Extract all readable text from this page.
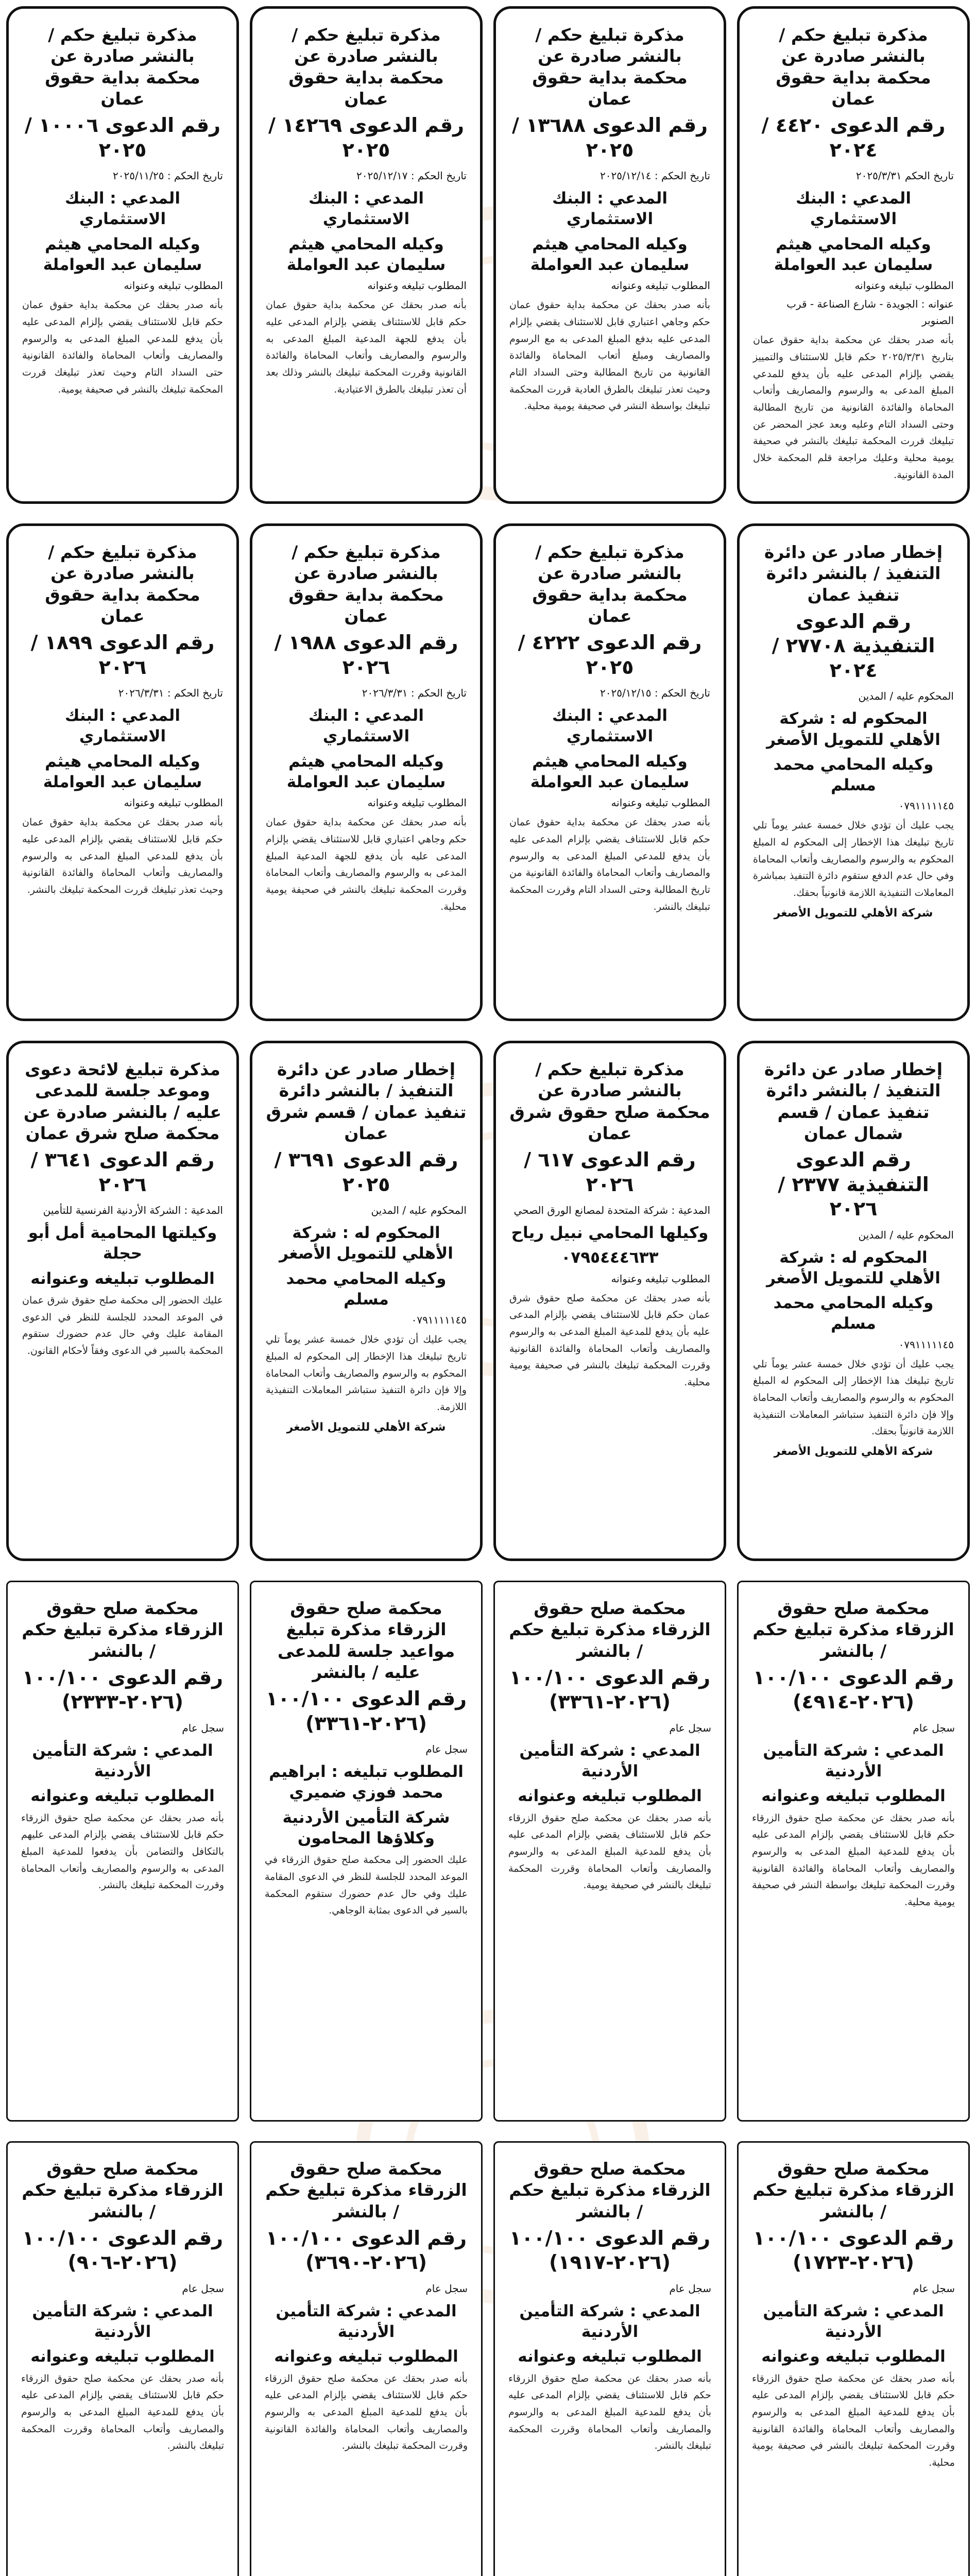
مذكرة تبليغ حكم / بالنشر صادرة عن محكمة بداية حقوق عمان
رقم الدعوى ٤٤٢٠ / ٢٠٢٤
تاريخ الحكم ٢٠٢٥/٣/٣١
المدعي : البنك الاستثماري
وكيله المحامي هيثم سليمان عبد العواملة
المطلوب تبليغه وعنوانه
عنوانه : الجويدة - شارع الصناعة - قرب الصنوبر
بأنه صدر بحقك عن محكمة بداية حقوق عمان بتاريخ ٢٠٢٥/٣/٣١ حكم قابل للاستئناف والتمييز يقضي بإلزام المدعى عليه بأن يدفع للمدعي المبلغ المدعى به والرسوم والمصاريف وأتعاب المحاماة والفائدة القانونية من تاريخ المطالبة وحتى السداد التام وعليه وبعد عجز المحضر عن تبليغك قررت المحكمة تبليغك بالنشر في صحيفة يومية محلية وعليك مراجعة قلم المحكمة خلال المدة القانونية.
مذكرة تبليغ حكم / بالنشر صادرة عن محكمة بداية حقوق عمان
رقم الدعوى ١٣٦٨٨ / ٢٠٢٥
تاريخ الحكم : ٢٠٢٥/١٢/١٤
المدعي : البنك الاستثماري
وكيله المحامي هيثم سليمان عبد العواملة
المطلوب تبليغه وعنوانه
بأنه صدر بحقك عن محكمة بداية حقوق عمان حكم وجاهي اعتباري قابل للاستئناف يقضي بإلزام المدعى عليه بدفع المبلغ المدعى به مع الرسوم والمصاريف ومبلغ أتعاب المحاماة والفائدة القانونية من تاريخ المطالبة وحتى السداد التام وحيث تعذر تبليغك بالطرق العادية قررت المحكمة تبليغك بواسطة النشر في صحيفة يومية محلية.
مذكرة تبليغ حكم / بالنشر صادرة عن محكمة بداية حقوق عمان
رقم الدعوى ١٤٢٦٩ / ٢٠٢٥
تاريخ الحكم : ٢٠٢٥/١٢/١٧
المدعي : البنك الاستثماري
وكيله المحامي هيثم سليمان عبد العواملة
المطلوب تبليغه وعنوانه
بأنه صدر بحقك عن محكمة بداية حقوق عمان حكم قابل للاستئناف يقضي بإلزام المدعى عليه بأن يدفع للجهة المدعية المبلغ المدعى به والرسوم والمصاريف وأتعاب المحاماة والفائدة القانونية وقررت المحكمة تبليغك بالنشر وذلك بعد أن تعذر تبليغك بالطرق الاعتيادية.
مذكرة تبليغ حكم / بالنشر صادرة عن محكمة بداية حقوق عمان
رقم الدعوى ١٠٠٠٦ / ٢٠٢٥
تاريخ الحكم : ٢٠٢٥/١١/٢٥
المدعي : البنك الاستثماري
وكيله المحامي هيثم سليمان عبد العواملة
المطلوب تبليغه وعنوانه
بأنه صدر بحقك عن محكمة بداية حقوق عمان حكم قابل للاستئناف يقضي بإلزام المدعى عليه بأن يدفع للمدعي المبلغ المدعى به والرسوم والمصاريف وأتعاب المحاماة والفائدة القانونية حتى السداد التام وحيث تعذر تبليغك قررت المحكمة تبليغك بالنشر في صحيفة يومية.
إخطار صادر عن دائرة التنفيذ / بالنشر دائرة تنفيذ عمان
رقم الدعوى التنفيذية ٢٧٧٠٨ / ٢٠٢٤
المحكوم عليه / المدين
المحكوم له : شركة الأهلي للتمويل الأصغر
وكيله المحامي محمد مسلم
٠٧٩١١١١١٤٥
يجب عليك أن تؤدي خلال خمسة عشر يوماً تلي تاريخ تبليغك هذا الإخطار إلى المحكوم له المبلغ المحكوم به والرسوم والمصاريف وأتعاب المحاماة وفي حال عدم الدفع ستقوم دائرة التنفيذ بمباشرة المعاملات التنفيذية اللازمة قانونياً بحقك.
شركة الأهلي للتمويل الأصغر
مذكرة تبليغ حكم / بالنشر صادرة عن محكمة بداية حقوق عمان
رقم الدعوى ٤٢٢٢ / ٢٠٢٥
تاريخ الحكم : ٢٠٢٥/١٢/١٥
المدعي : البنك الاستثماري
وكيله المحامي هيثم سليمان عبد العواملة
المطلوب تبليغه وعنوانه
بأنه صدر بحقك عن محكمة بداية حقوق عمان حكم قابل للاستئناف يقضي بإلزام المدعى عليه بأن يدفع للمدعي المبلغ المدعى به والرسوم والمصاريف وأتعاب المحاماة والفائدة القانونية من تاريخ المطالبة وحتى السداد التام وقررت المحكمة تبليغك بالنشر.
مذكرة تبليغ حكم / بالنشر صادرة عن محكمة بداية حقوق عمان
رقم الدعوى ١٩٨٨ / ٢٠٢٦
تاريخ الحكم : ٢٠٢٦/٣/٣١
المدعي : البنك الاستثماري
وكيله المحامي هيثم سليمان عبد العواملة
المطلوب تبليغه وعنوانه
بأنه صدر بحقك عن محكمة بداية حقوق عمان حكم وجاهي اعتباري قابل للاستئناف يقضي بإلزام المدعى عليه بأن يدفع للجهة المدعية المبلغ المدعى به والرسوم والمصاريف وأتعاب المحاماة وقررت المحكمة تبليغك بالنشر في صحيفة يومية محلية.
مذكرة تبليغ حكم / بالنشر صادرة عن محكمة بداية حقوق عمان
رقم الدعوى ١٨٩٩ / ٢٠٢٦
تاريخ الحكم : ٢٠٢٦/٣/٣١
المدعي : البنك الاستثماري
وكيله المحامي هيثم سليمان عبد العواملة
المطلوب تبليغه وعنوانه
بأنه صدر بحقك عن محكمة بداية حقوق عمان حكم قابل للاستئناف يقضي بإلزام المدعى عليه بأن يدفع للمدعي المبلغ المدعى به والرسوم والمصاريف وأتعاب المحاماة والفائدة القانونية وحيث تعذر تبليغك قررت المحكمة تبليغك بالنشر.
إخطار صادر عن دائرة التنفيذ / بالنشر دائرة تنفيذ عمان / قسم شمال عمان
رقم الدعوى التنفيذية ٢٣٧٧ / ٢٠٢٦
المحكوم عليه / المدين
المحكوم له : شركة الأهلي للتمويل الأصغر
وكيله المحامي محمد مسلم
٠٧٩١١١١١٤٥
يجب عليك أن تؤدي خلال خمسة عشر يوماً تلي تاريخ تبليغك هذا الإخطار إلى المحكوم له المبلغ المحكوم به والرسوم والمصاريف وأتعاب المحاماة وإلا فإن دائرة التنفيذ ستباشر المعاملات التنفيذية اللازمة قانونياً بحقك.
شركة الأهلي للتمويل الأصغر
مذكرة تبليغ حكم / بالنشر صادرة عن محكمة صلح حقوق شرق عمان
رقم الدعوى ٦١٧ / ٢٠٢٦
المدعية : شركة المتحدة لمصانع الورق الصحي
وكيلها المحامي نبيل رياح
٠٧٩٥٤٤٤٦٣٣
المطلوب تبليغه وعنوانه
بأنه صدر بحقك عن محكمة صلح حقوق شرق عمان حكم قابل للاستئناف يقضي بإلزام المدعى عليه بأن يدفع للمدعية المبلغ المدعى به والرسوم والمصاريف وأتعاب المحاماة والفائدة القانونية وقررت المحكمة تبليغك بالنشر في صحيفة يومية محلية.
إخطار صادر عن دائرة التنفيذ / بالنشر دائرة تنفيذ عمان / قسم شرق عمان
رقم الدعوى ٣٦٩١ / ٢٠٢٥
المحكوم عليه / المدين
المحكوم له : شركة الأهلي للتمويل الأصغر
وكيله المحامي محمد مسلم
٠٧٩١١١١١٤٥
يجب عليك أن تؤدي خلال خمسة عشر يوماً تلي تاريخ تبليغك هذا الإخطار إلى المحكوم له المبلغ المحكوم به والرسوم والمصاريف وأتعاب المحاماة وإلا فإن دائرة التنفيذ ستباشر المعاملات التنفيذية اللازمة.
شركة الأهلي للتمويل الأصغر
مذكرة تبليغ لائحة دعوى وموعد جلسة للمدعى عليه / بالنشر صادرة عن محكمة صلح شرق عمان
رقم الدعوى ٣٦٤١ / ٢٠٢٦
المدعية : الشركة الأردنية الفرنسية للتأمين
وكيلتها المحامية أمل أبو حجلة
المطلوب تبليغه وعنوانه
عليك الحضور إلى محكمة صلح حقوق شرق عمان في الموعد المحدد للجلسة للنظر في الدعوى المقامة عليك وفي حال عدم حضورك ستقوم المحكمة بالسير في الدعوى وفقاً لأحكام القانون.
محكمة صلح حقوق الزرقاء مذكرة تبليغ حكم / بالنشر
رقم الدعوى ١٠٠/١٠٠ (٢٠٢٦-٤٩١٤)
سجل عام
المدعي : شركة التأمين الأردنية
المطلوب تبليغه وعنوانه
بأنه صدر بحقك عن محكمة صلح حقوق الزرقاء حكم قابل للاستئناف يقضي بإلزام المدعى عليه بأن يدفع للمدعية المبلغ المدعى به والرسوم والمصاريف وأتعاب المحاماة والفائدة القانونية وقررت المحكمة تبليغك بواسطة النشر في صحيفة يومية محلية.
محكمة صلح حقوق الزرقاء مذكرة تبليغ حكم / بالنشر
رقم الدعوى ١٠٠/١٠٠ (٢٠٢٦-٣٣٦١)
سجل عام
المدعي : شركة التأمين الأردنية
المطلوب تبليغه وعنوانه
بأنه صدر بحقك عن محكمة صلح حقوق الزرقاء حكم قابل للاستئناف يقضي بإلزام المدعى عليه بأن يدفع للمدعية المبلغ المدعى به والرسوم والمصاريف وأتعاب المحاماة وقررت المحكمة تبليغك بالنشر في صحيفة يومية.
محكمة صلح حقوق الزرقاء مذكرة تبليغ مواعيد جلسة للمدعى عليه / بالنشر
رقم الدعوى ١٠٠/١٠٠ (٢٠٢٦-٣٣٦١)
سجل عام
المطلوب تبليغه : ابراهيم محمد فوزي ضميري
شركة التأمين الأردنية وكلاؤها المحامون
عليك الحضور إلى محكمة صلح حقوق الزرقاء في الموعد المحدد للجلسة للنظر في الدعوى المقامة عليك وفي حال عدم حضورك ستقوم المحكمة بالسير في الدعوى بمثابة الوجاهي.
محكمة صلح حقوق الزرقاء مذكرة تبليغ حكم / بالنشر
رقم الدعوى ١٠٠/١٠٠ (٢٠٢٦-٢٣٣٣)
سجل عام
المدعي : شركة التأمين الأردنية
المطلوب تبليغه وعنوانه
بأنه صدر بحقك عن محكمة صلح حقوق الزرقاء حكم قابل للاستئناف يقضي بإلزام المدعى عليهم بالتكافل والتضامن بأن يدفعوا للمدعية المبلغ المدعى به والرسوم والمصاريف وأتعاب المحاماة وقررت المحكمة تبليغك بالنشر.
محكمة صلح حقوق الزرقاء مذكرة تبليغ حكم / بالنشر
رقم الدعوى ١٠٠/١٠٠ (٢٠٢٦-١٧٢٣)
سجل عام
المدعي : شركة التأمين الأردنية
المطلوب تبليغه وعنوانه
بأنه صدر بحقك عن محكمة صلح حقوق الزرقاء حكم قابل للاستئناف يقضي بإلزام المدعى عليه بأن يدفع للمدعية المبلغ المدعى به والرسوم والمصاريف وأتعاب المحاماة والفائدة القانونية وقررت المحكمة تبليغك بالنشر في صحيفة يومية محلية.
محكمة صلح حقوق الزرقاء مذكرة تبليغ حكم / بالنشر
رقم الدعوى ١٠٠/١٠٠ (٢٠٢٦-١٩١٧)
سجل عام
المدعي : شركة التأمين الأردنية
المطلوب تبليغه وعنوانه
بأنه صدر بحقك عن محكمة صلح حقوق الزرقاء حكم قابل للاستئناف يقضي بإلزام المدعى عليه بأن يدفع للمدعية المبلغ المدعى به والرسوم والمصاريف وأتعاب المحاماة وقررت المحكمة تبليغك بالنشر.
محكمة صلح حقوق الزرقاء مذكرة تبليغ حكم / بالنشر
رقم الدعوى ١٠٠/١٠٠ (٢٠٢٦-٣٦٩٠)
سجل عام
المدعي : شركة التأمين الأردنية
المطلوب تبليغه وعنوانه
بأنه صدر بحقك عن محكمة صلح حقوق الزرقاء حكم قابل للاستئناف يقضي بإلزام المدعى عليه بأن يدفع للمدعية المبلغ المدعى به والرسوم والمصاريف وأتعاب المحاماة والفائدة القانونية وقررت المحكمة تبليغك بالنشر.
محكمة صلح حقوق الزرقاء مذكرة تبليغ حكم / بالنشر
رقم الدعوى ١٠٠/١٠٠ (٢٠٢٦-٩٠٦)
سجل عام
المدعي : شركة التأمين الأردنية
المطلوب تبليغه وعنوانه
بأنه صدر بحقك عن محكمة صلح حقوق الزرقاء حكم قابل للاستئناف يقضي بإلزام المدعى عليه بأن يدفع للمدعية المبلغ المدعى به والرسوم والمصاريف وأتعاب المحاماة وقررت المحكمة تبليغك بالنشر.
